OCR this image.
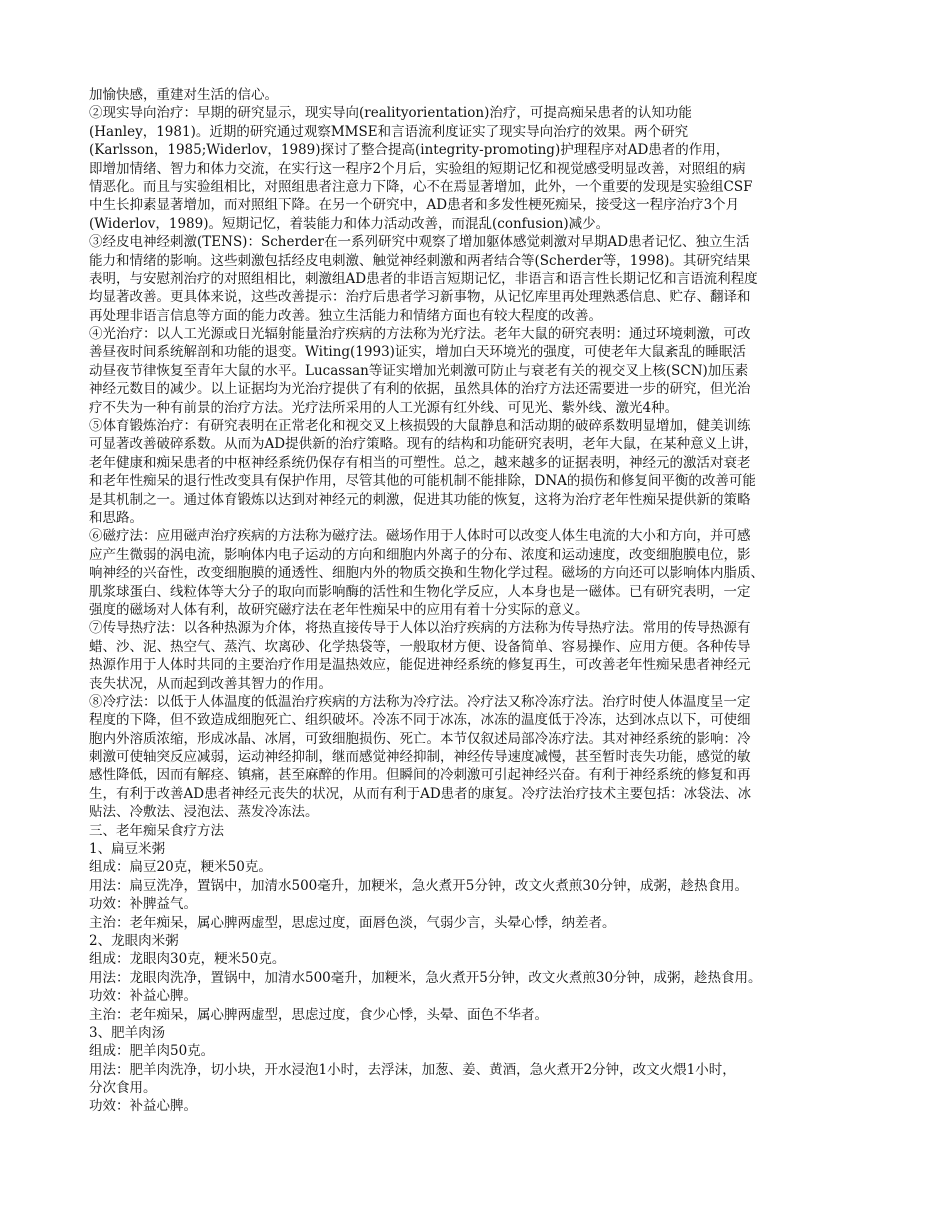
加愉快感，重建对生活的信心。
②现实导向治疗：早期的研究显示，现实导向(realityorientation)治疗，可提高痴呆患者的认知功能
(Hanley，1981)。近期的研究通过观察MMSE和言语流利度证实了现实导向治疗的效果。两个研究
(Karlsson，1985;Widerlov，1989)探讨了整合提高(integrity-promoting)护理程序对AD患者的作用，
即增加情绪、智力和体力交流，在实行这一程序2个月后，实验组的短期记忆和视觉感受明显改善，对照组的病
情恶化。而且与实验组相比，对照组患者注意力下降，心不在焉显著增加，此外，一个重要的发现是实验组CSF
中生长抑素显著增加，而对照组下降。在另一个研究中，AD患者和多发性梗死痴呆，接受这一程序治疗3个月
(Widerlov，1989)。短期记忆，着装能力和体力活动改善，而混乱(confusion)减少。
③经皮电神经刺激(TENS)：Scherder在一系列研究中观察了增加躯体感觉刺激对早期AD患者记忆、独立生活
能力和情绪的影响。这些刺激包括经皮电刺激、触觉神经刺激和两者结合等(Scherder等，1998)。其研究结果
表明，与安慰剂治疗的对照组相比，刺激组AD患者的非语言短期记忆，非语言和语言性长期记忆和言语流利程度
均显著改善。更具体来说，这些改善提示：治疗后患者学习新事物，从记忆库里再处理熟悉信息、贮存、翻译和
再处理非语言信息等方面的能力改善。独立生活能力和情绪方面也有较大程度的改善。
④光治疗：以人工光源或日光辐射能量治疗疾病的方法称为光疗法。老年大鼠的研究表明：通过环境刺激，可改
善昼夜时间系统解剖和功能的退变。Witing(1993)证实，增加白天环境光的强度，可使老年大鼠紊乱的睡眠活
动昼夜节律恢复至青年大鼠的水平。Lucassan等证实增加光刺激可防止与衰老有关的视交叉上核(SCN)加压素
神经元数目的减少。以上证据均为光治疗提供了有利的依据，虽然具体的治疗方法还需要进一步的研究，但光治
疗不失为一种有前景的治疗方法。光疗法所采用的人工光源有红外线、可见光、紫外线、激光4种。
⑤体育锻炼治疗：有研究表明在正常老化和视交叉上核损毁的大鼠静息和活动期的破碎系数明显增加，健美训练
可显著改善破碎系数。从而为AD提供新的治疗策略。现有的结构和功能研究表明，老年大鼠，在某种意义上讲，
老年健康和痴呆患者的中枢神经系统仍保存有相当的可塑性。总之，越来越多的证据表明，神经元的激活对衰老
和老年性痴呆的退行性改变具有保护作用，尽管其他的可能机制不能排除，DNA的损伤和修复间平衡的改善可能
是其机制之一。通过体育锻炼以达到对神经元的刺激，促进其功能的恢复，这将为治疗老年性痴呆提供新的策略
和思路。
⑥磁疗法：应用磁声治疗疾病的方法称为磁疗法。磁场作用于人体时可以改变人体生电流的大小和方向，并可感
应产生微弱的涡电流，影响体内电子运动的方向和细胞内外离子的分布、浓度和运动速度，改变细胞膜电位，影
响神经的兴奋性，改变细胞膜的通透性、细胞内外的物质交换和生物化学过程。磁场的方向还可以影响体内脂质、
肌浆球蛋白、线粒体等大分子的取向而影响酶的活性和生物化学反应，人本身也是一磁体。已有研究表明，一定
强度的磁场对人体有利，故研究磁疗法在老年性痴呆中的应用有着十分实际的意义。
⑦传导热疗法：以各种热源为介体，将热直接传导于人体以治疗疾病的方法称为传导热疗法。常用的传导热源有
蜡、沙、泥、热空气、蒸汽、坎离砂、化学热袋等，一般取材方便、设备简单、容易操作、应用方便。各种传导
热源作用于人体时共同的主要治疗作用是温热效应，能促进神经系统的修复再生，可改善老年性痴呆患者神经元
丧失状况，从而起到改善其智力的作用。
⑧冷疗法：以低于人体温度的低温治疗疾病的方法称为冷疗法。冷疗法又称冷冻疗法。治疗时使人体温度呈一定
程度的下降，但不致造成细胞死亡、组织破坏。冷冻不同于冰冻，冰冻的温度低于冷冻，达到冰点以下，可使细
胞内外溶质浓缩，形成冰晶、冰屑，可致细胞损伤、死亡。本节仅叙述局部冷冻疗法。其对神经系统的影响：冷
刺激可使轴突反应减弱，运动神经抑制，继而感觉神经抑制，神经传导速度减慢，甚至暂时丧失功能，感觉的敏
感性降低，因而有解痉、镇痛，甚至麻醉的作用。但瞬间的冷刺激可引起神经兴奋。有利于神经系统的修复和再
生，有利于改善AD患者神经元丧失的状况，从而有利于AD患者的康复。冷疗法治疗技术主要包括：冰袋法、冰
贴法、冷敷法、浸泡法、蒸发冷冻法。
三、老年痴呆食疗方法
1、扁豆米粥
组成：扁豆20克，粳米50克。
用法：扁豆洗净，置锅中，加清水500毫升，加粳米，急火煮开5分钟，改文火煮煎30分钟，成粥，趁热食用。
功效：补脾益气。
主治：老年痴呆，属心脾两虚型，思虑过度，面唇色淡，气弱少言，头晕心悸，纳差者。
2、龙眼肉米粥
组成：龙眼肉30克，粳米50克。
用法：龙眼肉洗净，置锅中，加清水500毫升，加粳米，急火煮开5分钟，改文火煮煎30分钟，成粥，趁热食用。
功效：补益心脾。
主治：老年痴呆，属心脾两虚型，思虑过度，食少心悸，头晕、面色不华者。
3、肥羊肉汤
组成：肥羊肉50克。
用法：肥羊肉洗净，切小块，开水浸泡1小时，去浮沫，加葱、姜、黄酒，急火煮开2分钟，改文火煨1小时，
分次食用。
功效：补益心脾。
